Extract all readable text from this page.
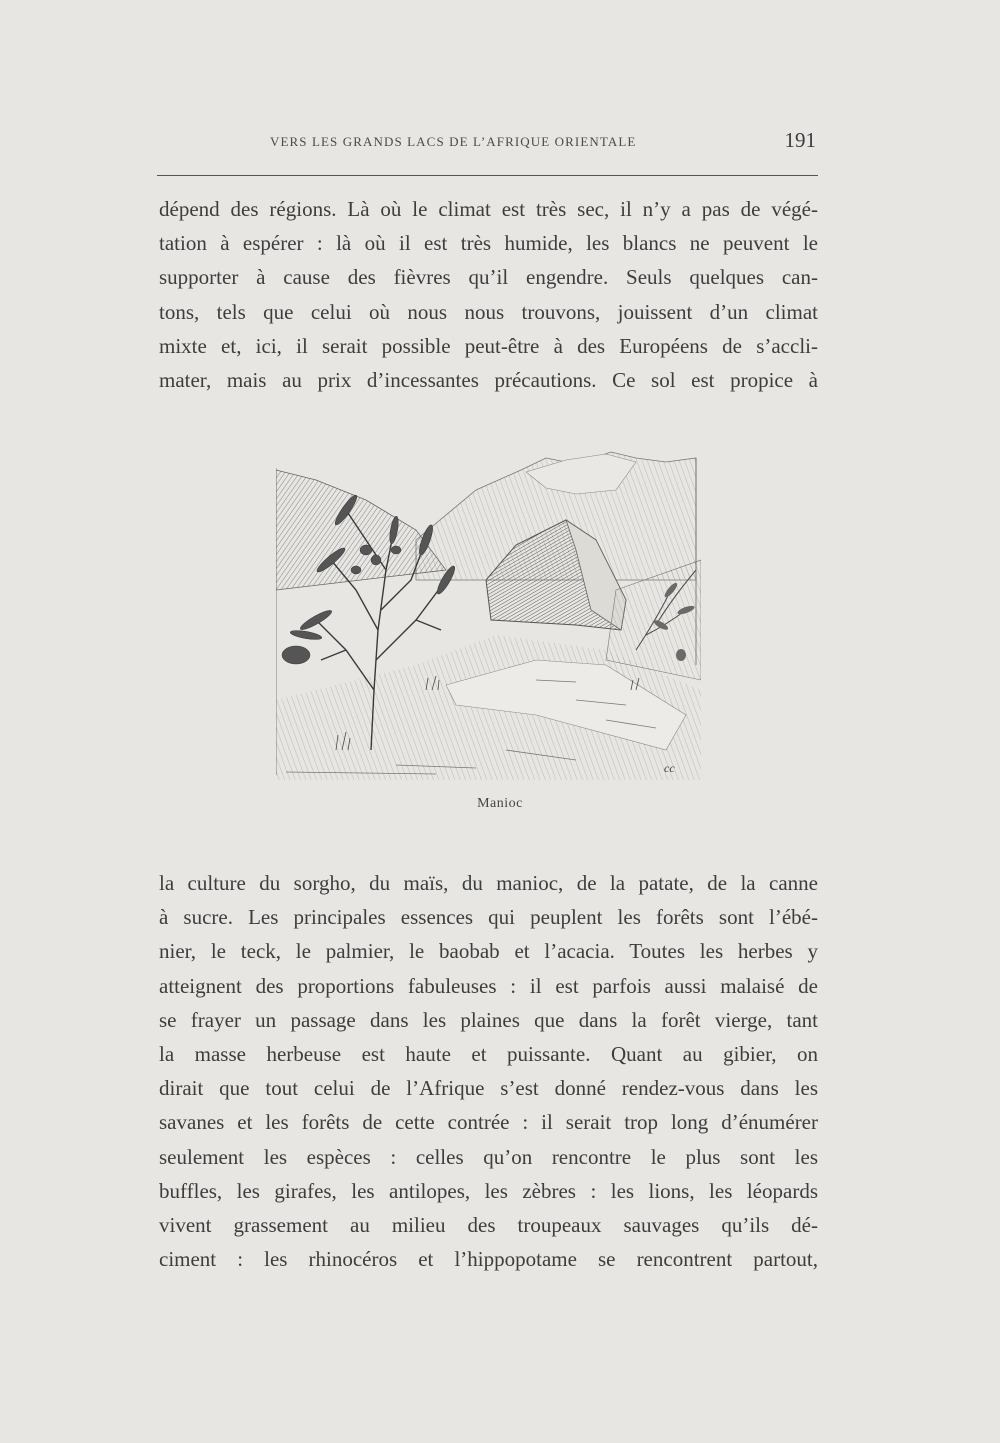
VERS LES GRANDS LACS DE L’AFRIQUE ORIENTALE	191
dépend des régions. Là où le climat est très sec, il n’y a pas de végé-
tation à espérer : là où il est très humide, les blancs ne peuvent le
supporter à cause des fièvres qu’il engendre. Seuls quelques can-
tons, tels que celui où nous nous trouvons, jouissent d’un climat
mixte et, ici, il serait possible peut-être à des Européens de s’accli-
mater, mais au prix d’incessantes précautions. Ce sol est propice à
cc
Manioc
la culture du sorgho, du maïs, du manioc, de la patate, de la canne
à sucre. Les principales essences qui peuplent les forêts sont l’ébé-
nier, le teck, le palmier, le baobab et l’acacia. Toutes les herbes y
atteignent des proportions fabuleuses : il est parfois aussi malaisé de
se frayer un passage dans les plaines que dans la forêt vierge, tant
la masse herbeuse est haute et puissante. Quant au gibier, on
dirait que tout celui de l’Afrique s’est donné rendez-vous dans les
savanes et les forêts de cette contrée : il serait trop long d’énumérer
seulement les espèces : celles qu’on rencontre le plus sont les
buffles, les girafes, les antilopes, les zèbres : les lions, les léopards
vivent grassement au milieu des troupeaux sauvages qu’ils dé-
ciment : les rhinocéros et l’hippopotame se rencontrent partout,
